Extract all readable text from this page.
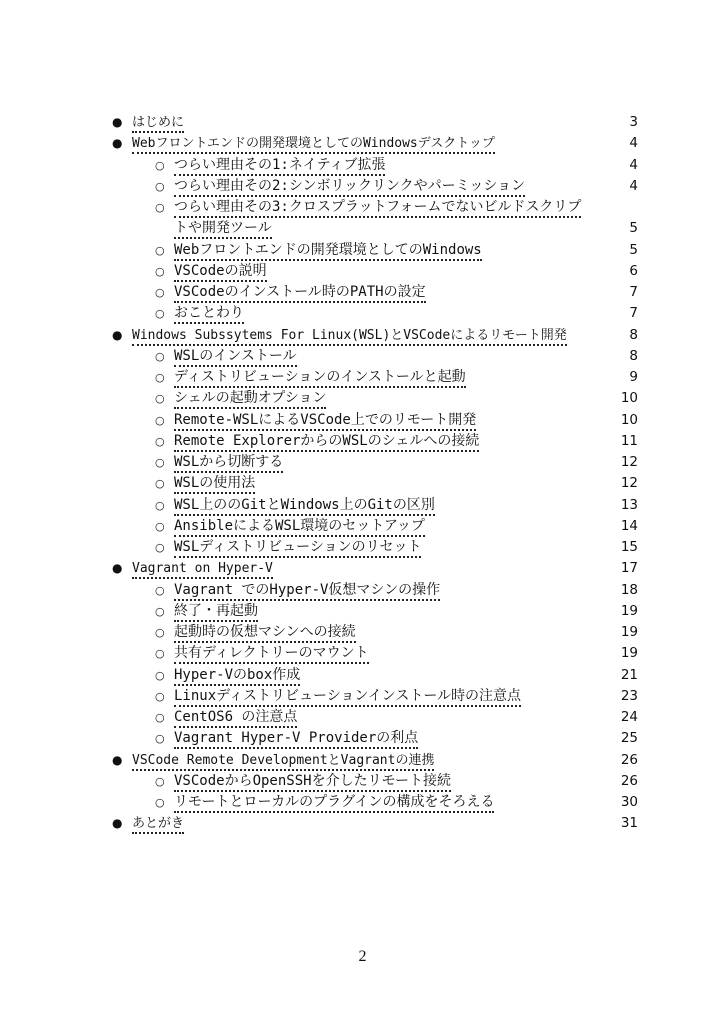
● はじめに	3
● Webフロントエンドの開発環境としてのWindowsデスクトップ	4
○ つらい理由その1:ネイティブ拡張	4
○ つらい理由その2:シンボリックリンクやパーミッション	4
○ つらい理由その3:クロスプラットフォームでないビルドスクリプトや開発ツール	5
○ Webフロントエンドの開発環境としてのWindows	5
○ VSCodeの説明	6
○ VSCodeのインストール時のPATHの設定	7
○ おことわり	7
● Windows Subssytems For Linux(WSL)とVSCodeによるリモート開発	8
○ WSLのインストール	8
○ ディストリビューションのインストールと起動	9
○ シェルの起動オプション	10
○ Remote-WSLによるVSCode上でのリモート開発	10
○ Remote ExplorerからのWSLのシェルへの接続	11
○ WSLから切断する	12
○ WSLの使用法	12
○ WSL上ののGitとWindows上のGitの区別	13
○ AnsibleによるWSL環境のセットアップ	14
○ WSLディストリビューションのリセット	15
● Vagrant on Hyper-V	17
○ Vagrant でのHyper-V仮想マシンの操作	18
○ 終了・再起動	19
○ 起動時の仮想マシンへの接続	19
○ 共有ディレクトリーのマウント	19
○ Hyper-Vのbox作成	21
○ Linuxディストリビューションインストール時の注意点	23
○ CentOS6 の注意点	24
○ Vagrant Hyper-V Providerの利点	25
● VSCode Remote DevelopmentとVagrantの連携	26
○ VSCodeからOpenSSHを介したリモート接続	26
○ リモートとローカルのプラグインの構成をそろえる	30
● あとがき	31
2
